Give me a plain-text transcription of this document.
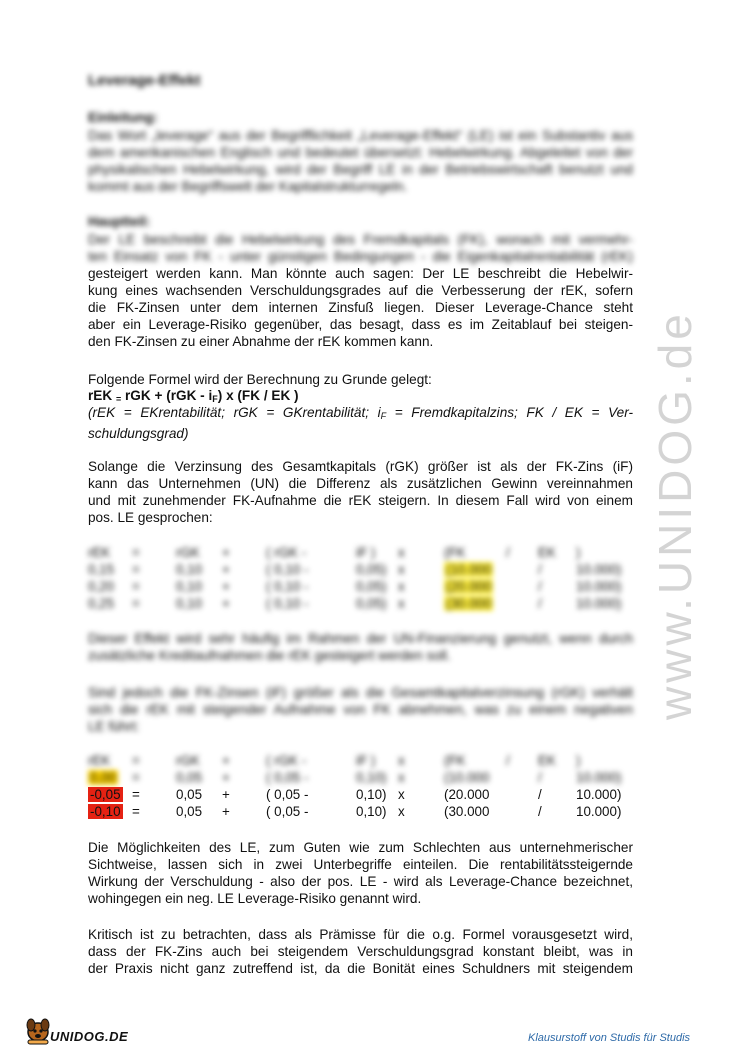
www.UNIDOG.de
Leverage-Effekt
Einleitung:
Das Wort „leverage“ aus der Begrifflichkeit „Leverage-Effekt“ (LE) ist ein Substantiv aus dem amerikanischen Englisch und bedeutet übersetzt: Hebelwirkung. Abgeleitet von der physikalischen Hebelwirkung, wird der Begriff LE in der Betriebswirtschaft benutzt und kommt aus der Begriffswelt der Kapitalstrukturregeln.
Hauptteil:
Der LE beschreibt die Hebelwirkung des Fremdkapitals (FK), wonach mit vermehr-
ten Einsatz von FK - unter günstigen Bedingungen - die Eigenkapitalrentabilität (rEK)
gesteigert werden kann. Man könnte auch sagen: Der LE beschreibt die Hebelwir-
kung eines wachsenden Verschuldungsgrades auf die Verbesserung der rEK, sofern
die FK-Zinsen unter dem internen Zinsfuß liegen. Dieser Leverage-Chance steht
aber ein Leverage-Risiko gegenüber, das besagt, dass es im Zeitablauf bei steigen-
den FK-Zinsen zu einer Abnahme der rEK kommen kann.
Folgende Formel wird der Berechnung zu Grunde gelegt:
rEK = rGK + $(rGK - i_F)$ x (FK / EK )
(rEK = EKrentabilität; rGK = GKrentabilität; $i_F$ = Fremdkapitalzins; FK / EK = Ver-
schuldungsgrad)
Solange die Verzinsung des Gesamtkapitals (rGK) größer ist als der FK-Zins (iF)
kann das Unternehmen (UN) die Differenz als zusätzlichen Gewinn vereinnahmen
und mit zunehmender FK-Aufnahme die rEK steigern. In diesem Fall wird von einem
pos. LE gesprochen:
rEK =	rGK +	( rGK -	iF ) x	(FK	/ EK )
0,15 =	0,10 +	( 0,10 -	0,05) x	(10.000	/	10.000)
0,20 =	0,10 +	( 0,10 -	0,05) x	(20.000	/	10.000)
0,25 =	0,10 +	( 0,10 -	0,05) x	(30.000	/	10.000)
Dieser Effekt wird sehr häufig im Rahmen der UN-Finanzierung genutzt, wenn durch
zusätzliche Kreditaufnahmen die rEK gesteigert werden soll.
Sind jedoch die FK-Zinsen (iF) größer als die Gesamtkapitalverzinsung (rGK) verhält
sich die rEK mit steigender Aufnahme von FK abnehmen, was zu einem negativen
LE führt:
rEK =	rGK +	( rGK -	iF ) x	(FK	/ EK )
0,00 =	0,05 +	( 0,05 -	0,10) x	(10.000	/	10.000)
-0,05 =	0,05 +	( 0,05 -	0,10) x	(20.000	/	10.000)
-0,10 =	0,05 +	( 0,05 -	0,10) x	(30.000	/	10.000)
Die Möglichkeiten des LE, zum Guten wie zum Schlechten aus unternehmerischer
Sichtweise, lassen sich in zwei Unterbegriffe einteilen. Die rentabilitätssteigernde
Wirkung der Verschuldung - also der pos. LE - wird als Leverage-Chance bezeichnet,
wohingegen ein neg. LE Leverage-Risiko genannt wird.
Kritisch ist zu betrachten, dass als Prämisse für die o.g. Formel vorausgesetzt wird,
dass der FK-Zins auch bei steigendem Verschuldungsgrad konstant bleibt, was in
der Praxis nicht ganz zutreffend ist, da die Bonität eines Schuldners mit steigendem
UNIDOG.DE	Klausurstoff von Studis für Studis
